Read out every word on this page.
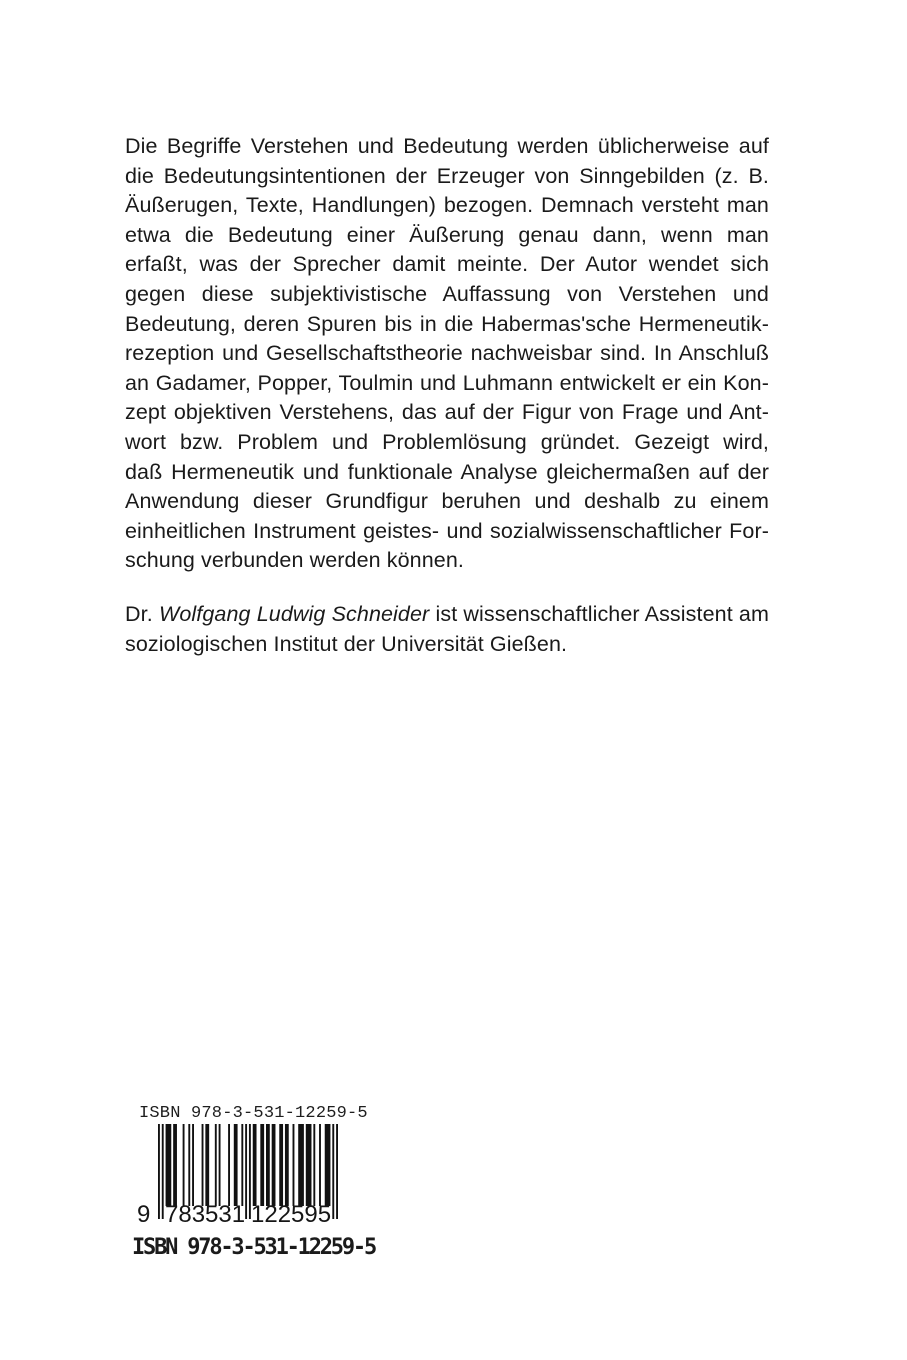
Die Begriffe Verstehen und Bedeutung werden üblicherweise auf
die Bedeutungsintentionen der Erzeuger von Sinngebilden (z. B.
Äußerugen, Texte, Handlungen) bezogen. Demnach versteht man
etwa die Bedeutung einer Äußerung genau dann, wenn man
erfaßt, was der Sprecher damit meinte. Der Autor wendet sich
gegen diese subjektivistische Auffassung von Verstehen und
Bedeutung, deren Spuren bis in die Habermas'sche Hermeneutik-
rezeption und Gesellschaftstheorie nachweisbar sind. In Anschluß
an Gadamer, Popper, Toulmin und Luhmann entwickelt er ein Kon-
zept objektiven Verstehens, das auf der Figur von Frage und Ant-
wort bzw. Problem und Problemlösung gründet. Gezeigt wird,
daß Hermeneutik und funktionale Analyse gleichermaßen auf der
Anwendung dieser Grundfigur beruhen und deshalb zu einem
einheitlichen Instrument geistes- und sozialwissenschaftlicher For-
schung verbunden werden können.
Dr. Wolfgang Ludwig Schneider ist wissenschaftlicher Assistent am
soziologischen Institut der Universität Gießen.
ISBN 978-3-531-12259-5
9 783531 122595
ISBN 978-3-531-12259-5
